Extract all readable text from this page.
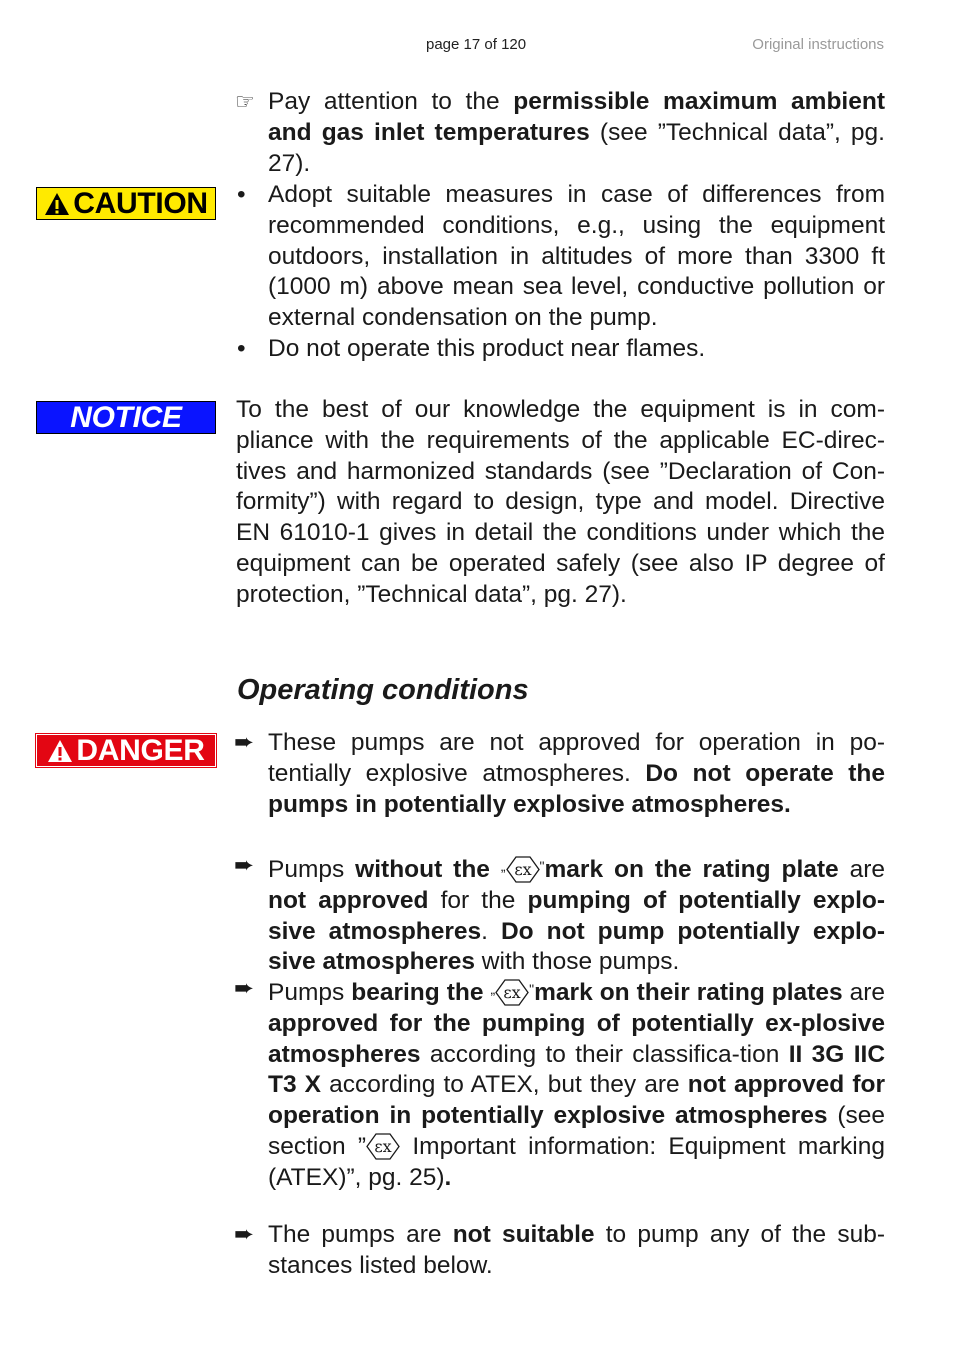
page 17 of 120	Original instructions

☞ Pay attention to the permissible maximum ambient and gas inlet temperatures (see ”Technical data”, pg. 27).

CAUTION • Adopt suitable measures in case of differences from recommended conditions, e.g., using the equipment outdoors, installation in altitudes of more than 3300 ft (1000 m) above mean sea level, conductive pollution or external condensation on the pump.

• Do not operate this product near flames.

NOTICE To the best of our knowledge the equipment is in com-pliance with the requirements of the applicable EC-direc-tives and harmonized standards (see ”Declaration of Con-formity”) with regard to design, type and model. Directive EN 61010-1 gives in detail the conditions under which the equipment can be operated safely (see also IP degree of protection, ”Technical data”, pg. 27).

Operating conditions
DANGER ➨ These pumps are not approved for operation in po-tentially explosive atmospheres. Do not operate the pumps in potentially explosive atmospheres.

➨ Pumps without the „ εx "mark on the rating plate are not approved for the pumping of potentially explo-sive atmospheres. Do not pump potentially explo-sive atmospheres with those pumps.

➨ Pumps bearing the „ εx "mark on their rating plates are approved for the pumping of potentially ex-plosive atmospheres according to their classifica-tion II 3G IIC T3 X according to ATEX, but they are not approved for operation in potentially explosive atmospheres (see section ” εx Important information: Equipment marking (ATEX)”, pg. 25).

➨ The pumps are not suitable to pump any of the sub-stances listed below.
